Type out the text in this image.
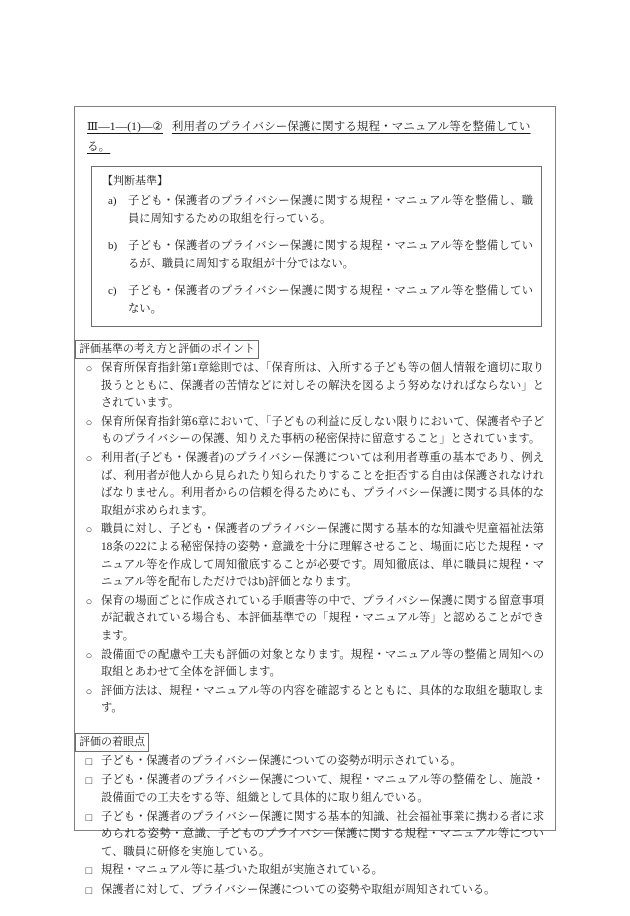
Ⅲ—1—(1)—② 利用者のプライバシー保護に関する規程・マニュアル等を整備している。
【判断基準】
a)	子ども・保護者のプライバシー保護に関する規程・マニュアル等を整備し、職員に周知するための取組を行っている。
b) 子ども・保護者のプライバシー保護に関する規程・マニュアル等を整備しているが、職員に周知する取組が十分ではない。
c)	子ども・保護者のプライバシー保護に関する規程・マニュアル等を整備していない。
評価基準の考え方と評価のポイント
○
保育所保育指針第1章総則では、「保育所は、入所する子ども等の個人情報を適切に取り扱うとともに、保護者の苦情などに対しその解決を図るよう努めなければならない」とされています。
○
保育所保育指針第6章において、「子どもの利益に反しない限りにおいて、保護者や子どものプライバシーの保護、知りえた事柄の秘密保持に留意すること」とされています。
○
利用者(子ども・保護者)のプライバシー保護については利用者尊重の基本であり、例えば、利用者が他人から見られたり知られたりすることを拒否する自由は保護されなければなりません。利用者からの信頼を得るためにも、プライバシー保護に関する具体的な取組が求められます。
○
職員に対し、子ども・保護者のプライバシー保護に関する基本的な知識や児童福祉法第18条の22による秘密保持の姿勢・意識を十分に理解させること、場面に応じた規程・マニュアル等を作成して周知徹底することが必要です。周知徹底は、単に職員に規程・マニュアル等を配布しただけではb)評価となります。
○
保育の場面ごとに作成されている手順書等の中で、プライバシー保護に関する留意事項が記載されている場合も、本評価基準での「規程・マニュアル等」と認めることができます。
○
設備面での配慮や工夫も評価の対象となります。規程・マニュアル等の整備と周知への取組とあわせて全体を評価します。
○
評価方法は、規程・マニュアル等の内容を確認するとともに、具体的な取組を聴取します。
評価の着眼点
□
子ども・保護者のプライバシー保護についての姿勢が明示されている。
□
子ども・保護者のプライバシー保護について、規程・マニュアル等の整備をし、施設・設備面での工夫をする等、組織として具体的に取り組んでいる。
□
子ども・保護者のプライバシー保護に関する基本的知識、社会福祉事業に携わる者に求められる姿勢・意識、子どものプライバシー保護に関する規程・マニュアル等について、職員に研修を実施している。
□
規程・マニュアル等に基づいた取組が実施されている。
□
保護者に対して、プライバシー保護についての姿勢や取組が周知されている。
